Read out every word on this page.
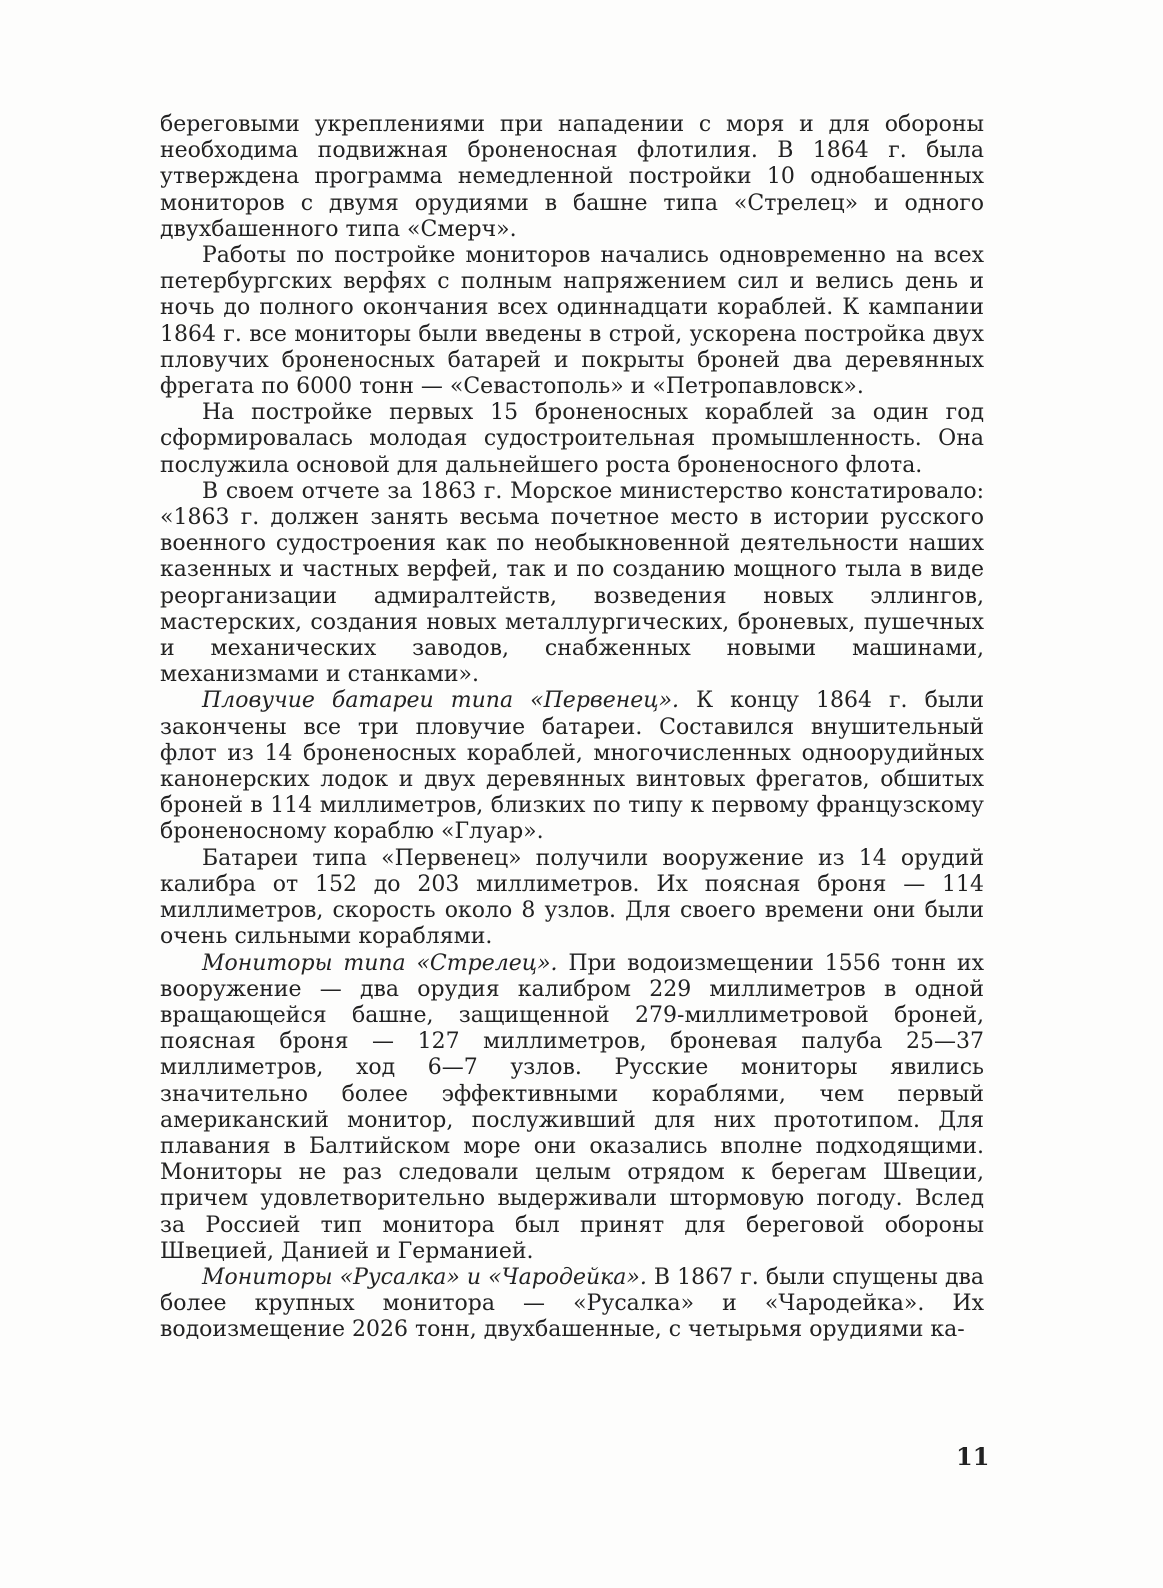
береговыми укреплениями при нападении с моря и для обороны необходима подвижная броненосная флотилия. В 1864 г. была утверждена программа немедленной постройки 10 однобашенных мониторов с двумя орудиями в башне типа «Стрелец» и одного двухбашенного типа «Смерч».

Работы по постройке мониторов начались одновременно на всех петербургских верфях с полным напряжением сил и велись день и ночь до полного окончания всех одиннадцати кораблей. К кампании 1864 г. все мониторы были введены в строй, ускорена постройка двух пловучих броненосных батарей и покрыты броней два деревянных фрегата по 6000 тонн — «Севастополь» и «Петропавловск».

На постройке первых 15 броненосных кораблей за один год сформировалась молодая судостроительная промышленность. Она послужила основой для дальнейшего роста броненосного флота.

В своем отчете за 1863 г. Морское министерство констатировало: «1863 г. должен занять весьма почетное место в истории русского военного судостроения как по необыкновенной деятельности наших казенных и частных верфей, так и по созданию мощного тыла в виде реорганизации адмиралтейств, возведения новых эллингов, мастерских, создания новых металлургических, броневых, пушечных и механических заводов, снабженных новыми машинами, механизмами и станками».

Пловучие батареи типа «Первенец». К концу 1864 г. были закончены все три пловучие батареи. Составился внушительный флот из 14 броненосных кораблей, многочисленных одноорудийных канонерских лодок и двух деревянных винтовых фрегатов, обшитых броней в 114 миллиметров, близких по типу к первому французскому броненосному кораблю «Глуар».

Батареи типа «Первенец» получили вооружение из 14 орудий калибра от 152 до 203 миллиметров. Их поясная броня — 114 миллиметров, скорость около 8 узлов. Для своего времени они были очень сильными кораблями.

Мониторы типа «Стрелец». При водоизмещении 1556 тонн их вооружение — два орудия калибром 229 миллиметров в одной вращающейся башне, защищенной 279-миллиметровой броней, поясная броня — 127 миллиметров, броневая палуба 25—37 миллиметров, ход 6—7 узлов. Русские мониторы явились значительно более эффективными кораблями, чем первый американский монитор, послуживший для них прототипом. Для плавания в Балтийском море они оказались вполне подходящими. Мониторы не раз следовали целым отрядом к берегам Швеции, причем удовлетворительно выдерживали штормовую погоду. Вслед за Россией тип монитора был принят для береговой обороны Швецией, Данией и Германией.

Мониторы «Русалка» и «Чародейка». В 1867 г. были спущены два более крупных монитора — «Русалка» и «Чародейка». Их водоизмещение 2026 тонн, двухбашенные, с четырьмя орудиями ка-

11
